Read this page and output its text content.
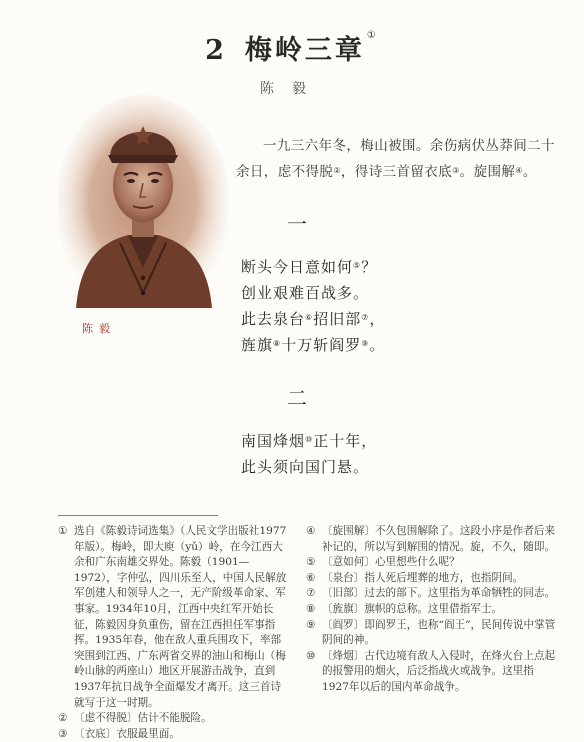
2 梅岭三章 ①
陈毅
陈毅
一九三六年冬，梅山被围。余伤病伏丛莽间二十余日，虑不得脱②，得诗三首留衣底③。旋围解④。
一
断头今日意如何⑤？
创业艰难百战多。
此去泉台⑥招旧部⑦，
旌旗⑧十万斩阎罗⑨。
二
南国烽烟⑩正十年，
此头须向国门悬。
① 选自《陈毅诗词选集》（人民文学出版社1977年版）。梅岭，即大庾（yǔ）岭，在今江西大余和广东南雄交界处。陈毅（1901—1972），字仲弘，四川乐至人，中国人民解放军创建人和领导人之一，无产阶级革命家、军事家。1934年10月，江西中央红军开始长征，陈毅因身负重伤，留在江西担任军事指挥。1935年春，他在敌人重兵围攻下，率部突围到江西、广东两省交界的油山和梅山（梅岭山脉的两座山）地区开展游击战争，直到1937年抗日战争全面爆发才离开。这三首诗就写于这一时期。
② 〔虑不得脱〕估计不能脱险。
③ 〔衣底〕衣服最里面。
④ 〔旋围解〕不久包围解除了。这段小序是作者后来补记的，所以写到解围的情况。旋，不久，随即。
⑤ 〔意如何〕心里想些什么呢？
⑥ 〔泉台〕指人死后埋葬的地方，也指阴间。
⑦ 〔旧部〕过去的部下。这里指为革命牺牲的同志。
⑧ 〔旌旗〕旗帜的总称。这里借指军士。
⑨ 〔阎罗〕即阎罗王，也称“阎王”，民间传说中掌管阴间的神。
⑩ 〔烽烟〕古代边境有敌人入侵时，在烽火台上点起的报警用的烟火，后泛指战火或战争。这里指1927年以后的国内革命战争。
